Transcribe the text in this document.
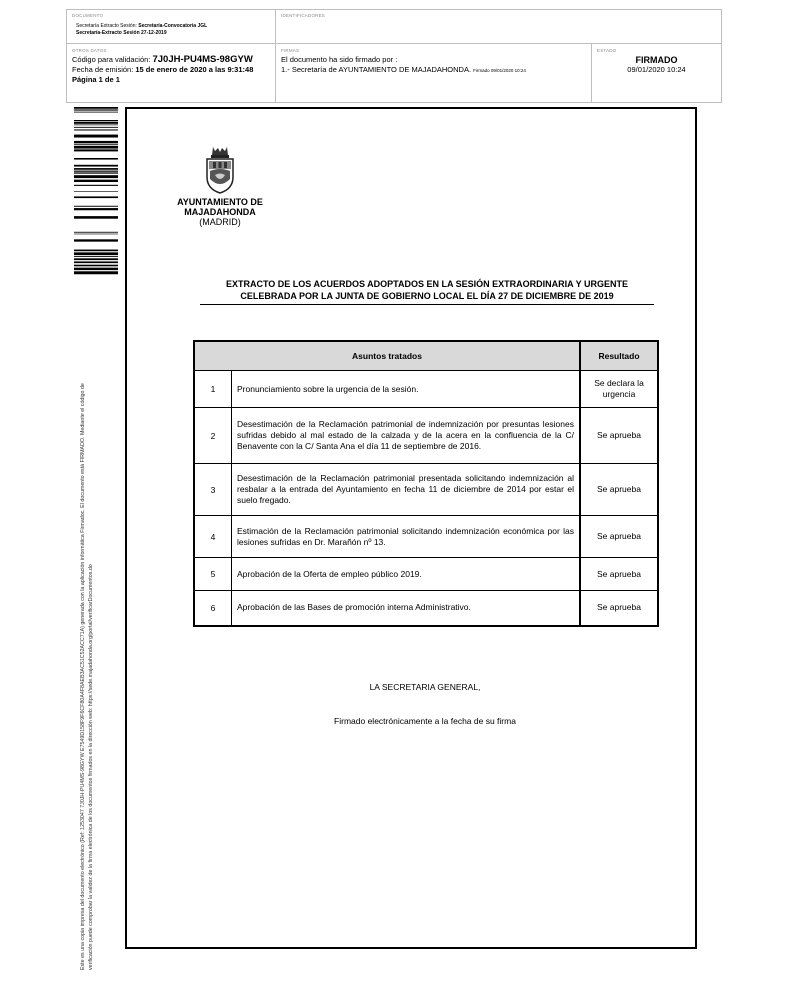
DOCUMENTO
Secretaría Extracto Sesión: Secretaría-Convocatoria JGL
Secretaría-Extracto Sesión 27-12-2019
IDENTIFICADORES
OTROS DATOS
Código para validación: 7J0JH-PU4MS-98GYW
Fecha de emisión: 15 de enero de 2020 a las 9:31:48
Página 1 de 1
FIRMAS
El documento ha sido firmado por :
1.- Secretaría de AYUNTAMIENTO DE MAJADAHONDA. Firmado 09/01/2020 10:24
ESTADO
FIRMADO
09/01/2020 10:24
Este es una copia impresa del documento electrónico (Ref: 1253047 7J0JH-PU4MS-98GYW E7549D158F9F6CF80A4F8AEB3AC51C52ACC71A) generada con la aplicación informática Firmadoc. El documento está FIRMADO. Mediante el código de verificación puede comprobar la validez de la firma electrónica de los documentos firmados en la dirección web: https://sede.majadahonda.org/portal/verificarDocumentos.do
AYUNTAMIENTO DE
MAJADAHONDA
(MADRID)
EXTRACTO DE LOS ACUERDOS ADOPTADOS EN LA SESIÓN EXTRAORDINARIA Y URGENTE
CELEBRADA POR LA JUNTA DE GOBIERNO LOCAL EL DÍA 27 DE DICIEMBRE DE 2019
Asuntos tratados		Resultado
1	Pronunciamiento sobre la urgencia de la sesión.	Se declara la urgencia
2	Desestimación de la Reclamación patrimonial de indemnización por presuntas lesiones sufridas debido al mal estado de la calzada y de la acera en la confluencia de la C/ Benavente con la C/ Santa Ana el día 11 de septiembre de 2016.	Se aprueba
3	Desestimación de la Reclamación patrimonial presentada solicitando indemnización al resbalar a la entrada del Ayuntamiento en fecha 11 de diciembre de 2014 por estar el suelo fregado.	Se aprueba
4	Estimación de la Reclamación patrimonial solicitando indemnización económica por las lesiones sufridas en Dr. Marañón nº 13.	Se aprueba
5	Aprobación de la Oferta de empleo público 2019.	Se aprueba
6	Aprobación de las Bases de promoción interna Administrativo.	Se aprueba
LA SECRETARIA GENERAL,
Firmado electrónicamente a la fecha de su firma
